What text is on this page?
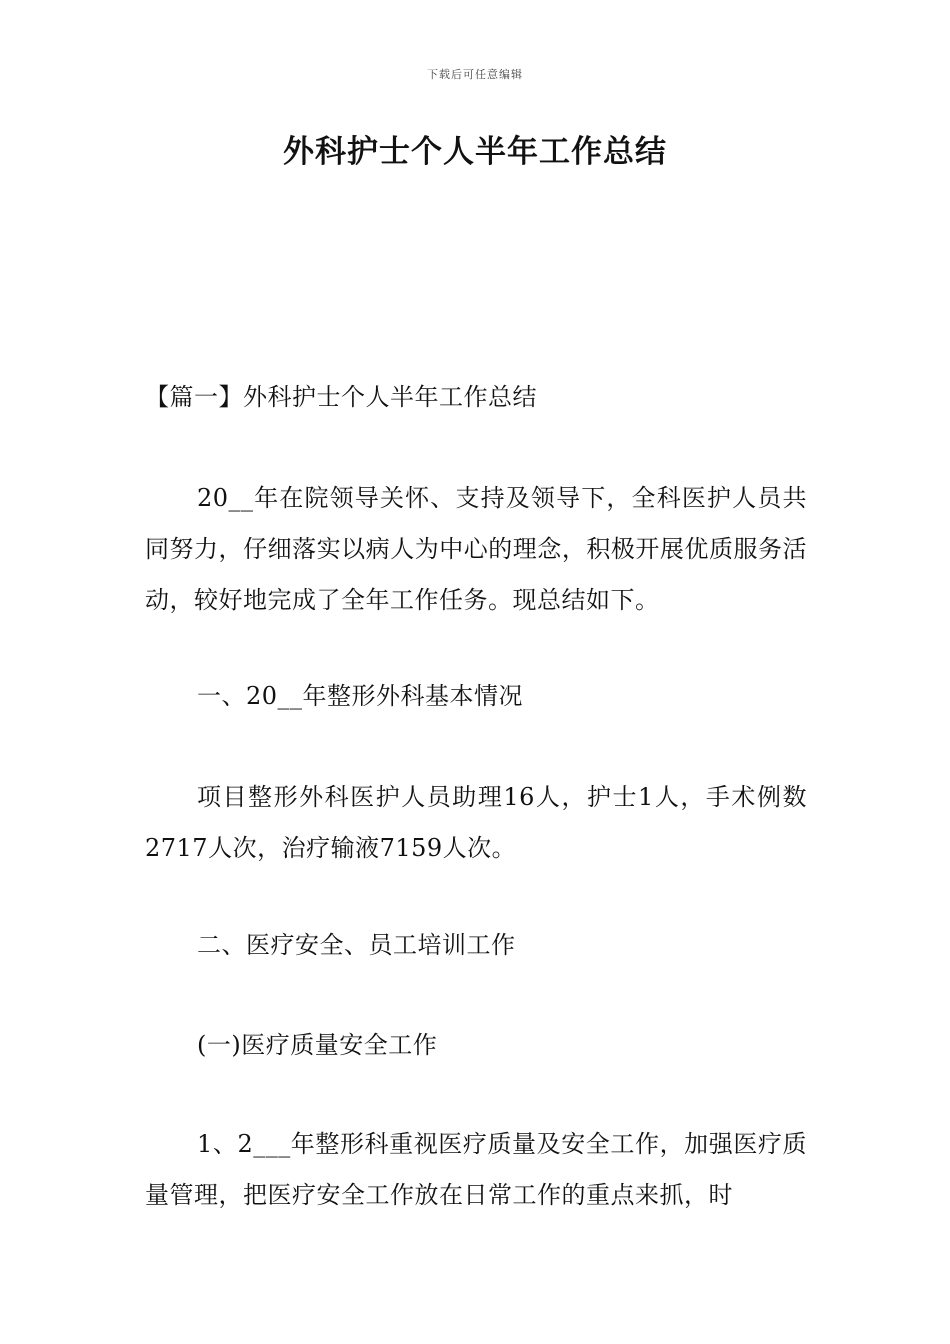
下载后可任意编辑
外科护士个人半年工作总结

【篇一】外科护士个人半年工作总结

20__年在院领导关怀、支持及领导下，全科医护人员共同努力，仔细落实以病人为中心的理念，积极开展优质服务活动，较好地完成了全年工作任务。现总结如下。

一、20__年整形外科基本情况

项目整形外科医护人员助理16人，护士1人，手术例数2717人次，治疗输液7159人次。

二、医疗安全、员工培训工作

(一)医疗质量安全工作

1、2___年整形科重视医疗质量及安全工作，加强医疗质量管理，把医疗安全工作放在日常工作的重点来抓，时
